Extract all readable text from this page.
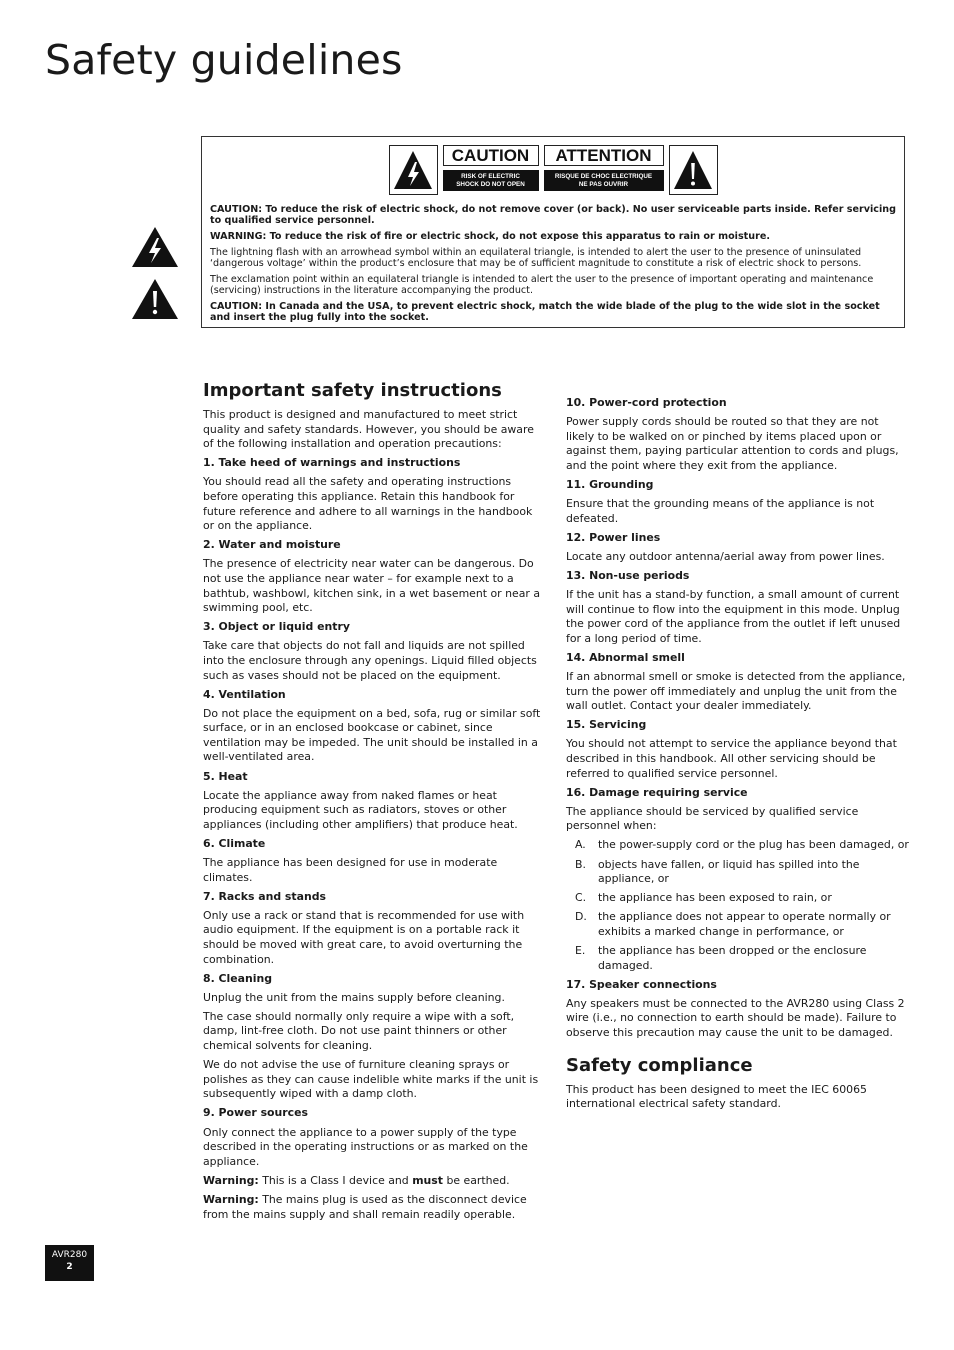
Safety guidelines
CAUTION
RISK OF ELECTRIC
SHOCK DO NOT OPEN
ATTENTION
RISQUE DE CHOC ELECTRIQUE
NE PAS OUVRIR

CAUTION: To reduce the risk of electric shock, do not remove cover (or back). No user serviceable parts inside. Refer servicing to qualified service personnel.

WARNING: To reduce the risk of fire or electric shock, do not expose this apparatus to rain or moisture.

The lightning flash with an arrowhead symbol within an equilateral triangle, is intended to alert the user to the presence of uninsulated ‘dangerous voltage’ within the product’s enclosure that may be of sufficient magnitude to constitute a risk of electric shock to persons.

The exclamation point within an equilateral triangle is intended to alert the user to the presence of important operating and maintenance (servicing) instructions in the literature accompanying the product.

CAUTION: In Canada and the USA, to prevent electric shock, match the wide blade of the plug to the wide slot in the socket and insert the plug fully into the socket.

Important safety instructions

This product is designed and manufactured to meet strict quality and safety standards. However, you should be aware of the following installation and operation precautions:

1. Take heed of warnings and instructions

You should read all the safety and operating instructions before operating this appliance. Retain this handbook for future reference and adhere to all warnings in the handbook or on the appliance.

2. Water and moisture

The presence of electricity near water can be dangerous. Do not use the appliance near water – for example next to a bathtub, washbowl, kitchen sink, in a wet basement or near a swimming pool, etc.

3. Object or liquid entry

Take care that objects do not fall and liquids are not spilled into the enclosure through any openings. Liquid filled objects such as vases should not be placed on the equipment.

4. Ventilation

Do not place the equipment on a bed, sofa, rug or similar soft surface, or in an enclosed bookcase or cabinet, since ventilation may be impeded. The unit should be installed in a well-ventilated area.

5. Heat

Locate the appliance away from naked flames or heat producing equipment such as radiators, stoves or other appliances (including other amplifiers) that produce heat.

6. Climate

The appliance has been designed for use in moderate climates.

7. Racks and stands

Only use a rack or stand that is recommended for use with audio equipment. If the equipment is on a portable rack it should be moved with great care, to avoid overturning the combination.

8. Cleaning

Unplug the unit from the mains supply before cleaning.

The case should normally only require a wipe with a soft, damp, lint-free cloth. Do not use paint thinners or other chemical solvents for cleaning.

We do not advise the use of furniture cleaning sprays or polishes as they can cause indelible white marks if the unit is subsequently wiped with a damp cloth.

9. Power sources

Only connect the appliance to a power supply of the type described in the operating instructions or as marked on the appliance.

Warning: This is a Class I device and must be earthed.

Warning: The mains plug is used as the disconnect device from the mains supply and shall remain readily operable.

10. Power-cord protection

Power supply cords should be routed so that they are not likely to be walked on or pinched by items placed upon or against them, paying particular attention to cords and plugs, and the point where they exit from the appliance.

11. Grounding

Ensure that the grounding means of the appliance is not defeated.

12. Power lines

Locate any outdoor antenna/aerial away from power lines.

13. Non-use periods

If the unit has a stand-by function, a small amount of current will continue to flow into the equipment in this mode. Unplug the power cord of the appliance from the outlet if left unused for a long period of time.

14. Abnormal smell

If an abnormal smell or smoke is detected from the appliance, turn the power off immediately and unplug the unit from the wall outlet. Contact your dealer immediately.

15. Servicing

You should not attempt to service the appliance beyond that described in this handbook. All other servicing should be referred to qualified service personnel.

16. Damage requiring service

The appliance should be serviced by qualified service personnel when:

A.	the power-supply cord or the plug has been damaged, or
B.	objects have fallen, or liquid has spilled into the appliance, or
C.	the appliance has been exposed to rain, or
D.	the appliance does not appear to operate normally or exhibits a marked change in performance, or
E.	the appliance has been dropped or the enclosure damaged.

17. Speaker connections

Any speakers must be connected to the AVR280 using Class 2 wire (i.e., no connection to earth should be made). Failure to observe this precaution may cause the unit to be damaged.

Safety compliance

This product has been designed to meet the IEC 60065 international electrical safety standard.

AVR280
2
